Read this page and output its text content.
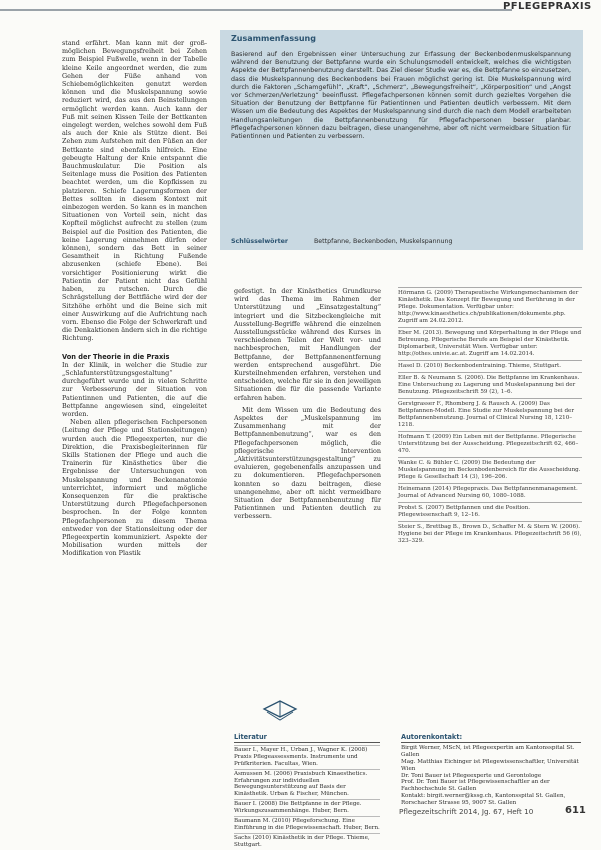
PFLEGEPRAXIS

stand erfährt. Man kann mit der groß-möglichen Bewegungsfreiheit bei Zehen zum Beispiel Fußwelle, wenn in der Tabelle kleine Keile angeordnet werden, die zum Gehen der Füße anhand von Schiebemöglichkeiten genutzt werden können und die Muskelspannung sowie reduziert wird, das aus den Beinstellungen ermöglicht werden kann. Auch kann der Fuß mit seinen Kissen Teile der Bettkanten eingelegt werden, welches sowohl dem Fuß als auch der Knie als Stütze dient. Bei Zehen zum Aufstehen mit den Füßen an der Bettkante sind ebenfalls hilfreich. Eine gebeugte Haltung der Knie entspannt die Bauchmuskulatur. Die Position als Seitenlage muss die Position des Patienten beachtet werden, um die Kopfkissen zu platzieren. Schiefe Lagerungsformen der Bettes sollten in diesem Kontext mit einbezogen werden. So kann es in manchen Situationen von Vorteil sein, nicht das Kopfteil möglichst aufrecht zu stellen (zum Beispiel auf die Position des Patienten, die keine Lagerung einnehmen dürfen oder können), sondern das Bett in seiner Gesamtheit in Richtung Fußende abzusenken (schiefe Ebene). Bei vorsichtiger Positionierung wirkt die Patientin der Patient nicht das Gefühl haben, zu rutschen. Durch die Schrägstellung der Bettfläche wird der der Sitzhöhe erhöht und die Beine sich mit einer Auswirkung auf die Aufrichtung nach vorn. Ebenso die Folge der Schwerkraft und die Denkaktionen ändern sich in die richtige Richtung.

Von der Theorie in die Praxis

In der Klinik, in welcher die Studie zur „Schlafunterstützungsgestaltung“ durchgeführt wurde und in vielen Schritte zur Verbesserung der Situation von Patientinnen und Patienten, die auf die Bettpfanne angewiesen sind, eingeleitet worden.

Neben allen pflegerischen Fachpersonen (Leitung der Pflege und Stationsleitungen) wurden auch die Pflegeexperten, nur die Direktion, die Praxisbegleiterinnen für Skills Stationen der Pflege und auch die Trainerin für Kinästhetics über die Ergebnisse der Untersuchungen von Muskelspannung und Beckenanatomie unterrichtet, informiert und mögliche Konsequenzen für die praktische Unterstützung durch Pflegefachpersonen besprochen. In der Folge konnten Pflegefachpersonen zu diesem Thema entweder von der Stationsleitung oder der Pflegeexpertin kommuniziert. Aspekte der Mobilisation wurden mittels der Modifikation von Plastik

Zusammenfassung
Basierend auf den Ergebnissen einer Untersuchung zur Erfassung der Beckenbodenmuskelspannung während der Benutzung der Bettpfanne wurde ein Schulungsmodell entwickelt, welches die wichtigsten Aspekte der Bettpfannenbenutzung darstellt. Das Ziel dieser Studie war es, die Bettpfanne so einzusetzen, dass die Muskelspannung des Beckenbodens bei Frauen möglichst gering ist. Die Muskelspannung wird durch die Faktoren „Schamgefühl“, „Kraft“, „Schmerz“, „Bewegungsfreiheit“, „Körperposition“ und „Angst vor Schmerzen/Verletzung“ beeinflusst. Pflegefachpersonen können somit durch gezieltes Vorgehen die Situation der Benutzung der Bettpfanne für Patientinnen und Patienten deutlich verbessern. Mit dem Wissen um die Bedeutung des Aspektes der Muskelspannung sind durch die nach dem Modell erarbeiteten Handlungsanleitungen die Bettpfannenbenutzung für Pflegefachpersonen besser planbar. Pflegefachpersonen können dazu beitragen, diese unangenehme, aber oft nicht vermeidbare Situation für Patientinnen und Patienten zu verbessern.
Schlüsselwörter	Bettpfanne, Beckenboden, Muskelspannung

gefestigt. In der Kinästhetics Grundkurse wird das Thema im Rahmen der Unterstützung und „Einsatzgestaltung“ integriert und die Sitzbeckengleiche mit Ausstellung-Begriffe während die einzelnen Ausstellungsstücke während des Kurses in verschiedenen Teilen der Welt vor- und nachbesprochen, mit Handlungen der Bettpfanne, der Bettpfannenentfernung werden entsprechend ausgeführt. Die Kursteilnehmenden erfahren, verstehen und entscheiden, welche für sie in den jeweiligen Situationen die für die passende Variante erfahren haben.

Mit dem Wissen um die Bedeutung des Aspektes der „Muskelspannung im Zusammenhang mit der Bettpfannenbenutzung“, war es den Pflegefachpersonen möglich, die pflegerische Intervention „Aktivitätsunterstützungsgestaltung“ zu evaluieren, gegebenenfalls anzupassen und zu dokumentieren. Pflegefachpersonen konnten so dazu beitragen, diese unangenehme, aber oft nicht vermeidbare Situation der Bettpfannenbenutzung für Patientinnen und Patienten deutlich zu verbessern.

Hörmann G. (2009) Therapeutische Wirkungsmechanismen der Kinästhetik. Das Konzept für Bewegung und Berührung in der Pflege. Dokumentation. Verfügbar unter: http://www.kinaesthetics.ch/publikationen/dokumente.php. Zugriff am 24.02.2012.
Eber M. (2013). Bewegung und Körperhaltung in der Pflege und Betreuung. Pflegerische Berufe am Beispiel der Kinästhetik. Diplomarbeit, Universität Wien. Verfügbar unter: http://othes.univie.ac.at. Zugriff am 14.02.2014.
Hasel D. (2010) Beckenbodentraining. Thieme, Stuttgart.
Eller B. & Neumann S. (2006). Die Bettpfanne im Krankenhaus. Eine Untersuchung zu Lagerung und Muskelspannung bei der Benutzung. Pflegezeitschrift 59 (2), 1–6.
Gerstgrasser F., Rhomberg J. & Rausch A. (2009) Das Bettpfannen-Modell. Eine Studie zur Muskelspannung bei der Bettpfannenbenutzung. Journal of Clinical Nursing 18, 1210–1218.
Hofmann T. (2009) Ein Leben mit der Bettpfanne. Pflegerische Unterstützung bei der Ausscheidung. Pflegezeitschrift 62, 466–470.
Wanke C. & Bühler C. (2009) Die Bedeutung der Muskelspannung im Beckenbodenbereich für die Ausscheidung. Pflege & Gesellschaft 14 (3), 196–206.
Heinemann (2014) Pflegepraxis. Das Bettpfannenmanagement. Journal of Advanced Nursing 60, 1080–1088.
Probst S. (2007) Bettpfannen und die Position. Pflegewissenschaft 9, 12–16.
Steier S., Brettbag B., Brown D., Schaffer M. & Stern W. (2006). Hygiene bei der Pflege im Krankenhaus. Pflegezeitschrift 56 (6), 323–329.
Literatur
Bauer I., Mayer H., Urban J., Wagner K. (2008) Praxis Pflegeassessments. Instrumente und Prüfkriterien. Facultas, Wien.
Asmussen M. (2006) Praxisbuch Kinaesthetics. Erfahrungen zur individuellen Bewegungsunterstützung auf Basis der Kinästhetik. Urban & Fischer, München.
Bauer I. (2008) Die Bettpfanne in der Pflege. Wirkungszusammenhänge. Huber, Bern.
Baumann M. (2010) Pflegeforschung. Eine Einführung in die Pflegewissenschaft. Huber, Bern.
Sachs (2010) Kinästhetik in der Pflege. Thieme, Stuttgart.
Autorenkontakt:
Birgit Werner, MScN, ist Pflegeexpertin am Kantonsspital St. Gallen
Mag. Matthias Eichinger ist Pflegewissenschaftler, Universität Wien
Dr. Toni Bauer ist Pflegeexperte und Gerontologe
Prof. Dr. Toni Bauer ist Pflegewissenschaftler an der Fachhochschule St. Gallen
Kontakt: birgit.werner@kssg.ch, Kantonsspital St. Gallen, Rorschacher Strasse 95, 9007 St. Gallen
Pflegezeitschrift 2014, Jg. 67, Heft 10	611
